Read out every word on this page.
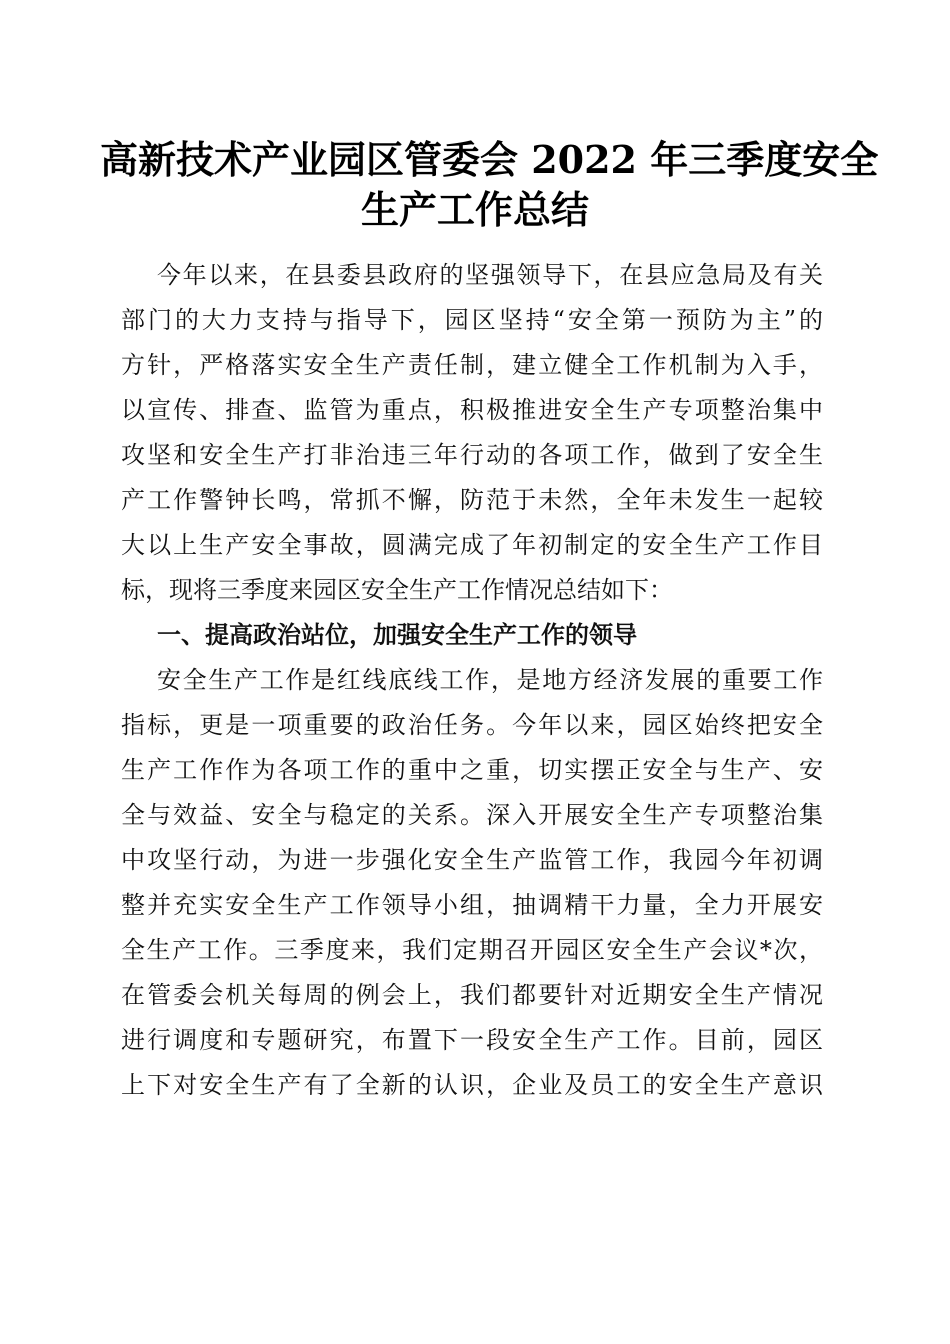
高新技术产业园区管委会 2022 年三季度安全
生产工作总结
今年以来，在县委县政府的坚强领导下，在县应急局及有关
部门的大力支持与指导下，园区坚持“安全第一预防为主”的
方针，严格落实安全生产责任制，建立健全工作机制为入手，
以宣传、排查、监管为重点，积极推进安全生产专项整治集中
攻坚和安全生产打非治违三年行动的各项工作，做到了安全生
产工作警钟长鸣，常抓不懈，防范于未然，全年未发生一起较
大以上生产安全事故，圆满完成了年初制定的安全生产工作目
标，现将三季度来园区安全生产工作情况总结如下：
一、提高政治站位，加强安全生产工作的领导
安全生产工作是红线底线工作，是地方经济发展的重要工作
指标，更是一项重要的政治任务。今年以来，园区始终把安全
生产工作作为各项工作的重中之重，切实摆正安全与生产、安
全与效益、安全与稳定的关系。深入开展安全生产专项整治集
中攻坚行动，为进一步强化安全生产监管工作，我园今年初调
整并充实安全生产工作领导小组，抽调精干力量，全力开展安
全生产工作。三季度来，我们定期召开园区安全生产会议*次，
在管委会机关每周的例会上，我们都要针对近期安全生产情况
进行调度和专题研究，布置下一段安全生产工作。目前，园区
上下对安全生产有了全新的认识，企业及员工的安全生产意识
